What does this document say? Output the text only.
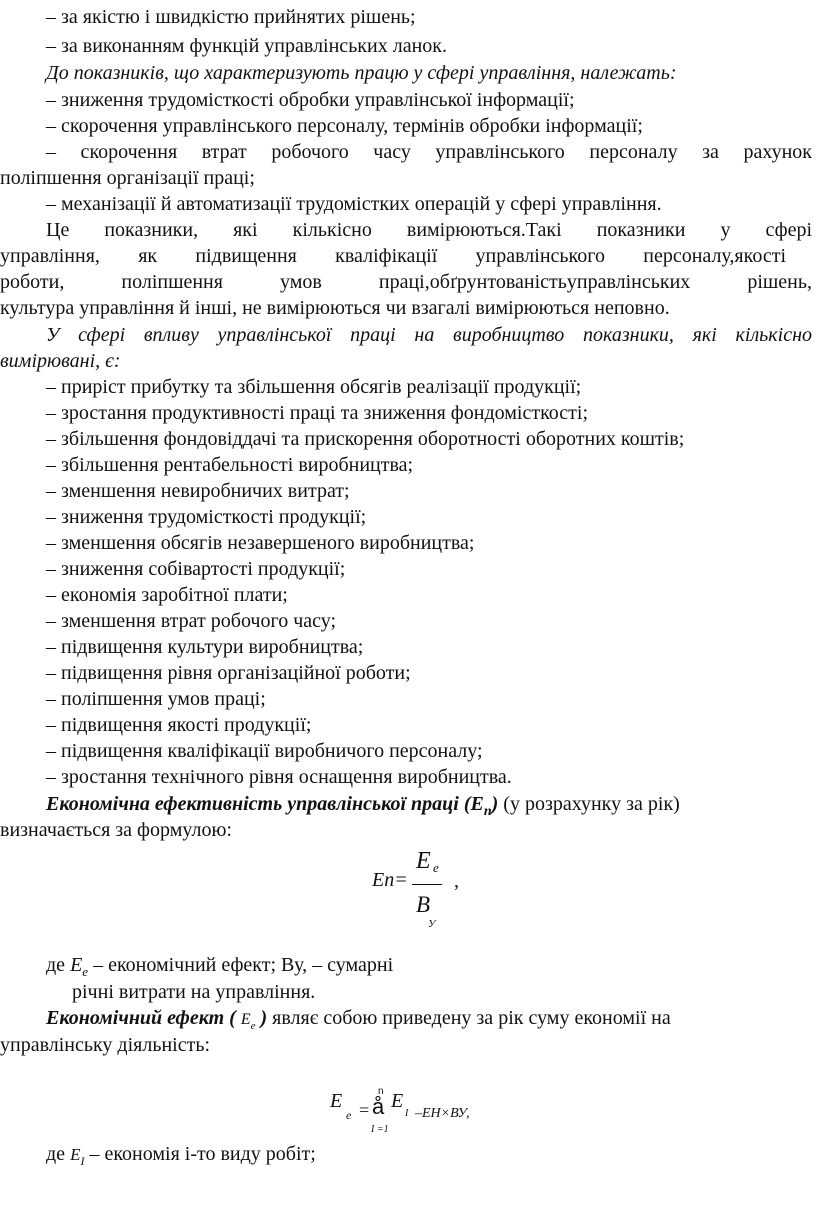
– за якістю і швидкістю прийнятих рішень;
– за виконанням функцій управлінських ланок.
До показників, що характеризують працю у сфері управління, належать:
– зниження трудомісткості обробки управлінської інформації;
– скорочення управлінського персоналу, термінів обробки інформації;
– скорочення втрат робочого часу управлінського персоналу за рахунок
поліпшення організації праці;
– механізації й автоматизації трудомістких операцій у сфері управління.
Це показники, які кількісно вимірюються.Такі показники у сфері
управління, як підвищення кваліфікації управлінського персоналу,якості
роботи, поліпшення умов праці,обґрунтованістьуправлінських рішень,
культура управління й інші, не вимірюються чи взагалі вимірюються неповно.
У сфері впливу управлінської праці на виробництво показники, які кількісно
вимірювані, є:
– приріст прибутку та збільшення обсягів реалізації продукції;
– зростання продуктивності праці та зниження фондомісткості;
– збільшення фондовіддачі та прискорення оборотності оборотних коштів;
– збільшення рентабельності виробництва;
– зменшення невиробничих витрат;
– зниження трудомісткості продукції;
– зменшення обсягів незавершеного виробництва;
– зниження собівартості продукції;
– економія заробітної плати;
– зменшення втрат робочого часу;
– підвищення культури виробництва;
– підвищення рівня організаційної роботи;
– поліпшення умов праці;
– підвищення якості продукції;
– підвищення кваліфікації виробничого персоналу;
– зростання технічного рівня оснащення виробництва.
Економічна ефективність управлінської праці $(Е_п)$ (у розрахунку за рік)
визначається за формулою:
Еп=
Е е
В
У
,
де $Е_е$ – економічний ефект; Ву, – сумарні
річні витрати на управління.
Економічний ефект ( $Е_е$ ) являє собою приведену за рік суму економії на
управлінську діяльність:
Е
е =
n
å
I =1
Е
I –ЕН×ВУ,
де $Е_I$ – економія і-то виду робіт;
